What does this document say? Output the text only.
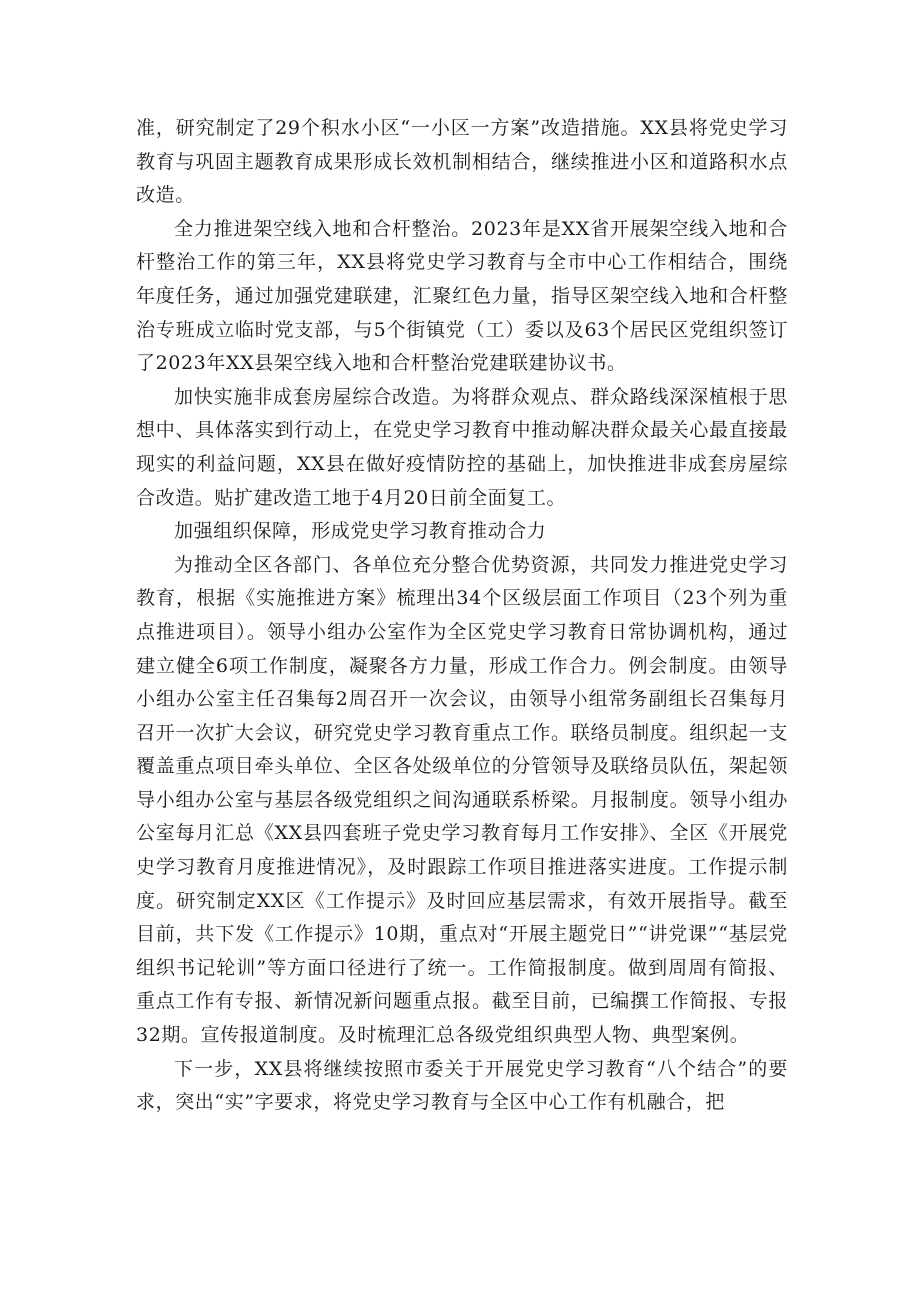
准，研究制定了29个积水小区“一小区一方案”改造措施。XX县将党史学习教育与巩固主题教育成果形成长效机制相结合，继续推进小区和道路积水点改造。

全力推进架空线入地和合杆整治。2023年是XX省开展架空线入地和合杆整治工作的第三年，XX县将党史学习教育与全市中心工作相结合，围绕年度任务，通过加强党建联建，汇聚红色力量，指导区架空线入地和合杆整治专班成立临时党支部，与5个街镇党（工）委以及63个居民区党组织签订了2023年XX县架空线入地和合杆整治党建联建协议书。

加快实施非成套房屋综合改造。为将群众观点、群众路线深深植根于思想中、具体落实到行动上，在党史学习教育中推动解决群众最关心最直接最现实的利益问题，XX县在做好疫情防控的基础上，加快推进非成套房屋综合改造。贴扩建改造工地于4月20日前全面复工。

加强组织保障，形成党史学习教育推动合力

为推动全区各部门、各单位充分整合优势资源，共同发力推进党史学习教育，根据《实施推进方案》梳理出34个区级层面工作项目（23个列为重点推进项目）。领导小组办公室作为全区党史学习教育日常协调机构，通过建立健全6项工作制度，凝聚各方力量，形成工作合力。例会制度。由领导小组办公室主任召集每2周召开一次会议，由领导小组常务副组长召集每月召开一次扩大会议，研究党史学习教育重点工作。联络员制度。组织起一支覆盖重点项目牵头单位、全区各处级单位的分管领导及联络员队伍，架起领导小组办公室与基层各级党组织之间沟通联系桥梁。月报制度。领导小组办公室每月汇总《XX县四套班子党史学习教育每月工作安排》、全区《开展党史学习教育月度推进情况》，及时跟踪工作项目推进落实进度。工作提示制度。研究制定XX区《工作提示》及时回应基层需求，有效开展指导。截至目前，共下发《工作提示》10期，重点对“开展主题党日”“讲党课”“基层党组织书记轮训”等方面口径进行了统一。工作简报制度。做到周周有简报、重点工作有专报、新情况新问题重点报。截至目前，已编撰工作简报、专报32期。宣传报道制度。及时梳理汇总各级党组织典型人物、典型案例。

下一步，XX县将继续按照市委关于开展党史学习教育“八个结合”的要求，突出“实”字要求，将党史学习教育与全区中心工作有机融合，把
